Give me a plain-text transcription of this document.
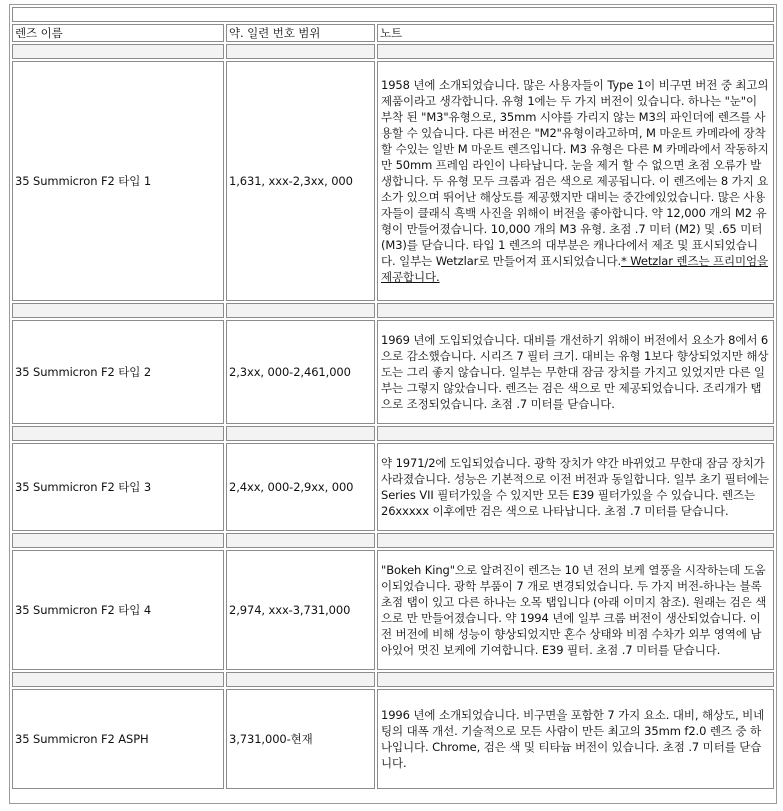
렌즈 이름	약. 일련 번호 범위	노트

35 Summicron F2 타입 1	1,631, xxx-2,3xx, 000	1958 년에 소개되었습니다. 많은 사용자들이 Type 1이 비구면 버전 중 최고의 제품이라고 생각합니다. 유형 1에는 두 가지 버전이 있습니다. 하나는 "눈"이 부착 된 "M3"유형으로, 35mm 시야를 가리지 않는 M3의 파인더에 렌즈를 사용할 수 있습니다. 다른 버전은 "M2"유형이라고하며, M 마운트 카메라에 장착 할 수있는 일반 M 마운트 렌즈입니다. M3 유형은 다른 M 카메라에서 작동하지만 50mm 프레임 라인이 나타납니다. 눈을 제거 할 수 없으면 초점 오류가 발생합니다. 두 유형 모두 크롬과 검은 색으로 제공됩니다. 이 렌즈에는 8 가지 요소가 있으며 뛰어난 해상도를 제공했지만 대비는 중간에있었습니다. 많은 사용자들이 클래식 흑백 사진을 위해이 버전을 좋아합니다. 약 12,000 개의 M2 유형이 만들어졌습니다. 10,000 개의 M3 유형. 초점 .7 미터 (M2) 및 .65 미터 (M3)를 닫습니다. 타입 1 렌즈의 대부분은 캐나다에서 제조 및 표시되었습니다. 일부는 Wetzlar로 만들어져 표시되었습니다.* Wetzlar 렌즈는 프리미엄을 제공합니다.

35 Summicron F2 타입 2	2,3xx, 000-2,461,000	1969 년에 도입되었습니다. 대비를 개선하기 위해이 버전에서 요소가 8에서 6으로 감소했습니다. 시리즈 7 필터 크기. 대비는 유형 1보다 향상되었지만 해상도는 그리 좋지 않습니다. 일부는 무한대 잠금 장치를 가지고 있었지만 다른 일부는 그렇지 않았습니다. 렌즈는 검은 색으로 만 제공되었습니다. 조리개가 탭으로 조정되었습니다. 초점 .7 미터를 닫습니다.

35 Summicron F2 타입 3	2,4xx, 000-2,9xx, 000	약 1971/2에 도입되었습니다. 광학 장치가 약간 바뀌었고 무한대 잠금 장치가 사라졌습니다. 성능은 기본적으로 이전 버전과 동일합니다. 일부 초기 필터에는 Series VII 필터가있을 수 있지만 모든 E39 필터가있을 수 있습니다. 렌즈는 26xxxxx 이후에만 검은 색으로 나타납니다. 초점 .7 미터를 닫습니다.

35 Summicron F2 타입 4	2,974, xxx-3,731,000	"Bokeh King"으로 알려진이 렌즈는 10 년 전의 보케 열풍을 시작하는데 도움이되었습니다. 광학 부품이 7 개로 변경되었습니다. 두 가지 버전-하나는 블록 초점 탭이 있고 다른 하나는 오목 탭입니다 (아래 이미지 참조). 원래는 검은 색으로 만 만들어졌습니다. 약 1994 년에 일부 크롬 버전이 생산되었습니다. 이전 버전에 비해 성능이 향상되었지만 혼수 상태와 비점 수차가 외부 영역에 남아있어 멋진 보케에 기여합니다. E39 필터. 초점 .7 미터를 닫습니다.

35 Summicron F2 ASPH	3,731,000-현재	1996 년에 소개되었습니다. 비구면을 포함한 7 가지 요소. 대비, 해상도, 비네팅의 대폭 개선. 기술적으로 모든 사람이 만든 최고의 35mm f2.0 렌즈 중 하나입니다. Chrome, 검은 색 및 티타늄 버전이 있습니다. 초점 .7 미터를 닫습니다.
